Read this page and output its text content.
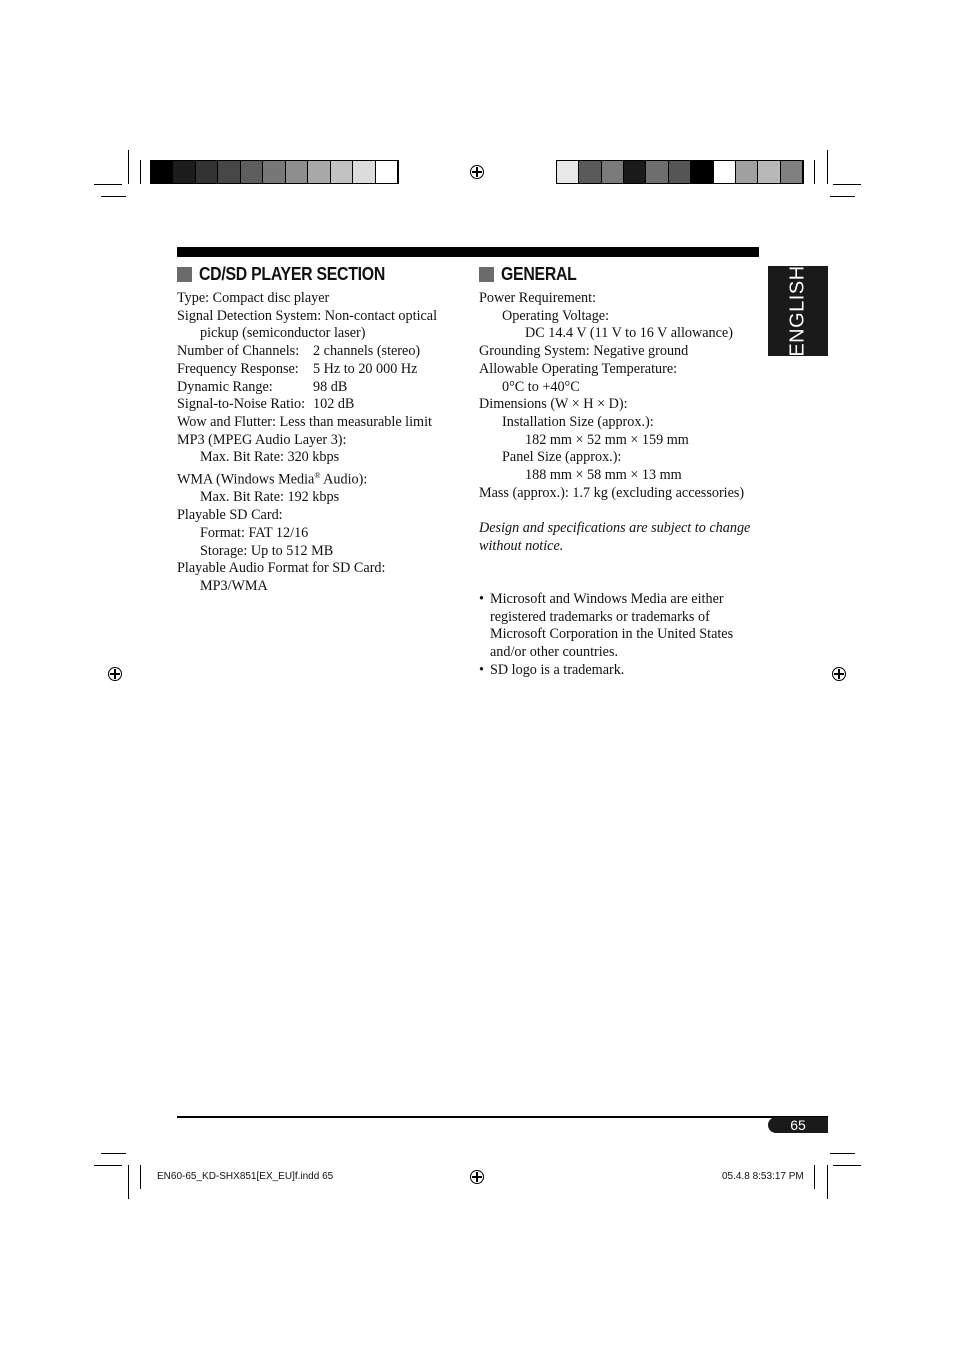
ENGLISH
CD/SD PLAYER SECTION	GENERAL
Type: Compact disc player
Signal Detection System: Non-contact optical
pickup (semiconductor laser)
Number of Channels: 2 channels (stereo)
Frequency Response: 5 Hz to 20 000 Hz
Dynamic Range:	98 dB
Signal-to-Noise Ratio: 102 dB
Wow and Flutter: Less than measurable limit
MP3 (MPEG Audio Layer 3):
Max. Bit Rate: 320 kbps
WMA (Windows Media® Audio):
Max. Bit Rate: 192 kbps
Playable SD Card:
Format: FAT 12/16
Storage: Up to 512 MB
Playable Audio Format for SD Card:
MP3/WMA
Power Requirement:
Operating Voltage:
DC 14.4 V (11 V to 16 V allowance)
Grounding System: Negative ground
Allowable Operating Temperature:
0°C to +40°C
Dimensions (W × H × D):
Installation Size (approx.):
182 mm × 52 mm × 159 mm
Panel Size (approx.):
188 mm × 58 mm × 13 mm
Mass (approx.): 1.7 kg (excluding accessories)
Design and specifications are subject to change
without notice.
• Microsoft and Windows Media are either
registered trademarks or trademarks of
Microsoft Corporation in the United States
and/or other countries.
• SD logo is a trademark.
65
EN60-65_KD-SHX851[EX_EU]f.indd 65	05.4.8 8:53:17 PM
